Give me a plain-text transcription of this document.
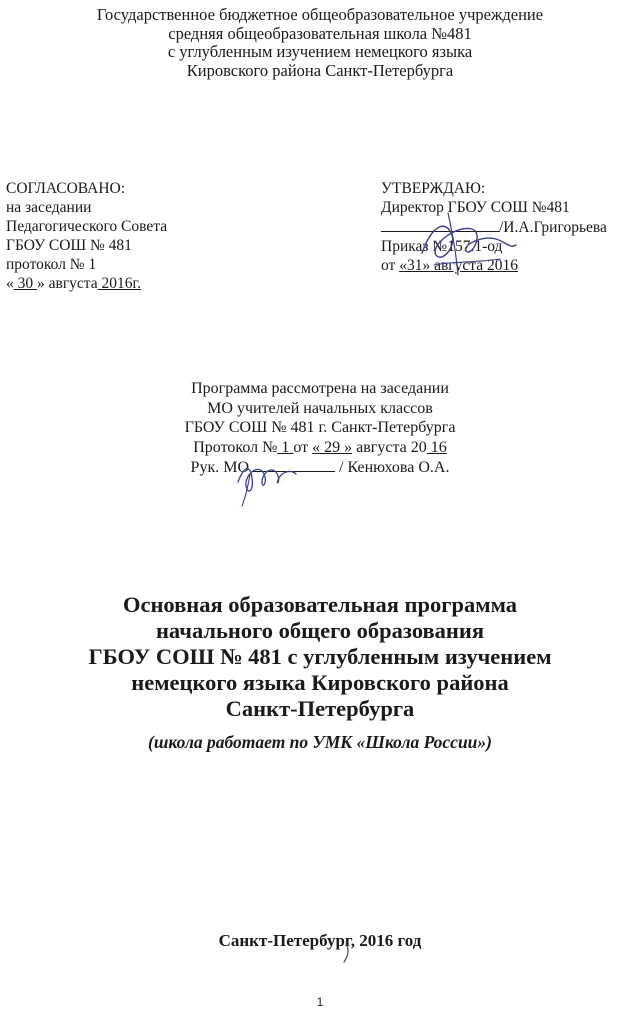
Государственное бюджетное общеобразовательное учреждение
средняя общеобразовательная школа №481
с углубленным изучением немецкого языка
Кировского района Санкт-Петербурга
СОГЛАСОВАНО:
на заседании
Педагогического Совета
ГБОУ СОШ № 481
протокол № 1
« 30 » августа 2016г.
УТВЕРЖДАЮ:
Директор ГБОУ СОШ №481
/И.А.Григорьева
Приказ №157.1-од
от «31» августа 2016
Программа рассмотрена на заседании
МО учителей начальных классов
ГБОУ СОШ № 481 г. Санкт-Петербурга
Протокол № 1 от « 29 » августа 20 16
Рук. МО	/ Кенюхова О.А.
Основная образовательная программа
начального общего образования
ГБОУ СОШ № 481 с углубленным изучением
немецкого языка Кировского района
Санкт-Петербурга
(школа работает по УМК «Школа России»)
Санкт-Петербург, 2016 год
1
